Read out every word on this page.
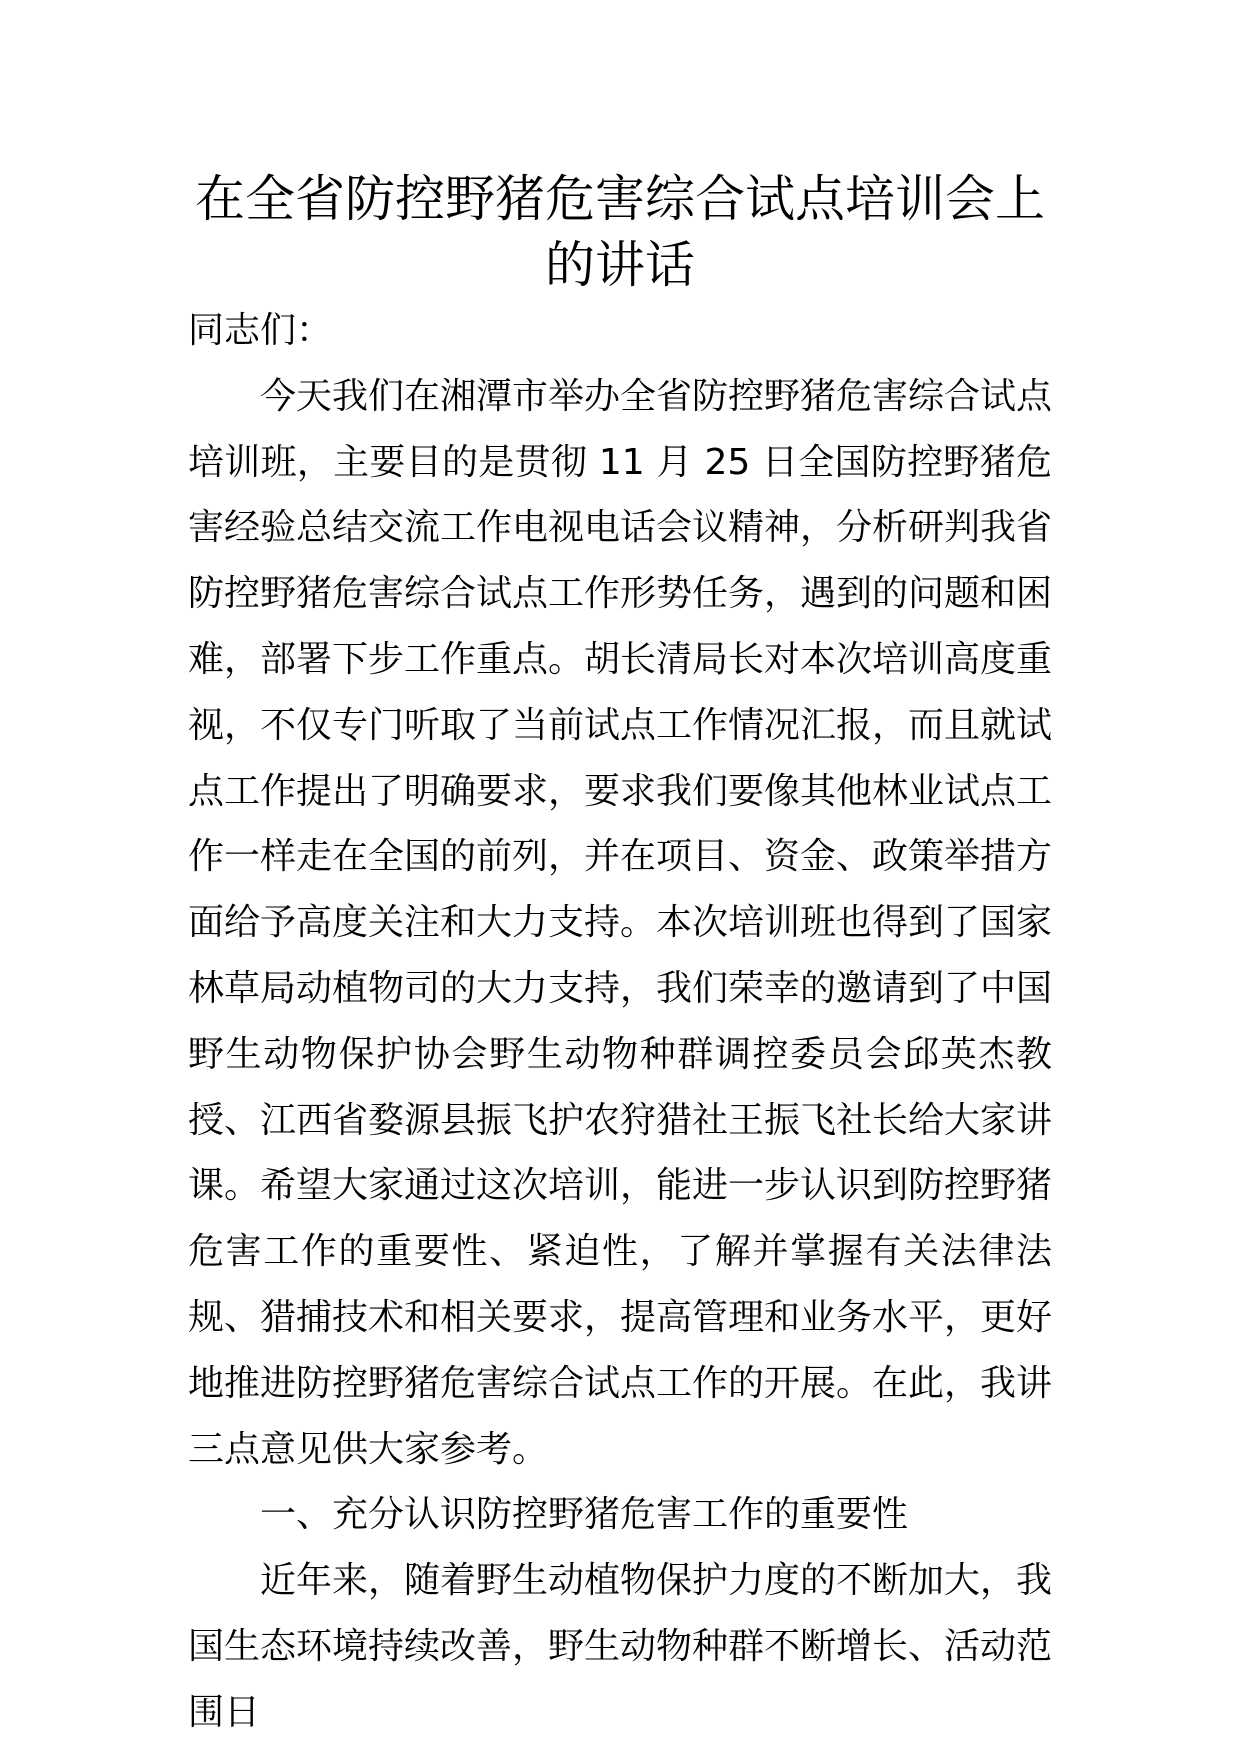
在全省防控野猪危害综合试点培训会上的讲话

同志们：

今天我们在湘潭市举办全省防控野猪危害综合试点培训班，主要目的是贯彻 11 月 25 日全国防控野猪危害经验总结交流工作电视电话会议精神，分析研判我省防控野猪危害综合试点工作形势任务，遇到的问题和困难，部署下步工作重点。胡长清局长对本次培训高度重视，不仅专门听取了当前试点工作情况汇报，而且就试点工作提出了明确要求，要求我们要像其他林业试点工作一样走在全国的前列，并在项目、资金、政策举措方面给予高度关注和大力支持。本次培训班也得到了国家林草局动植物司的大力支持，我们荣幸的邀请到了中国野生动物保护协会野生动物种群调控委员会邱英杰教授、江西省婺源县振飞护农狩猎社王振飞社长给大家讲课。希望大家通过这次培训，能进一步认识到防控野猪危害工作的重要性、紧迫性，了解并掌握有关法律法规、猎捕技术和相关要求，提高管理和业务水平，更好地推进防控野猪危害综合试点工作的开展。在此，我讲三点意见供大家参考。

一、充分认识防控野猪危害工作的重要性

近年来，随着野生动植物保护力度的不断加大，我国生态环境持续改善，野生动物种群不断增长、活动范围日
